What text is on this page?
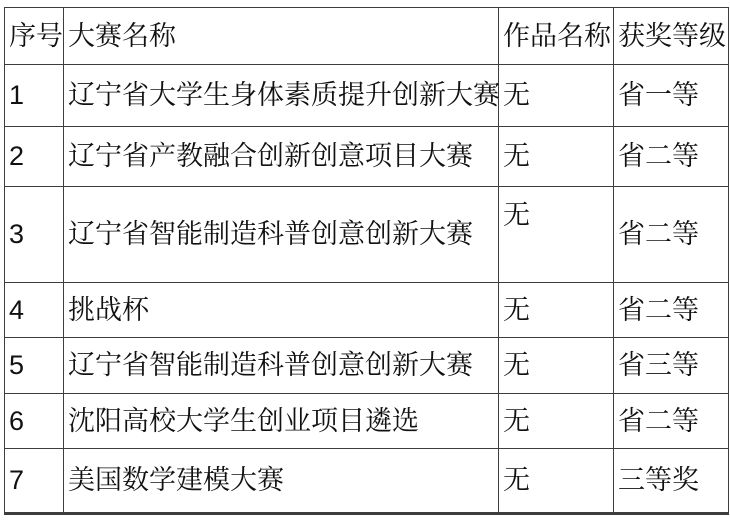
序号	大赛名称	作品名称	获奖等级
1	辽宁省大学生身体素质提升创新大赛	无	省一等
2	辽宁省产教融合创新创意项目大赛	无	省二等
3	辽宁省智能制造科普创意创新大赛	无	省二等
4	挑战杯	无	省二等
5	辽宁省智能制造科普创意创新大赛	无	省三等
6	沈阳高校大学生创业项目遴选	无	省二等
7	美国数学建模大赛	无	三等奖
